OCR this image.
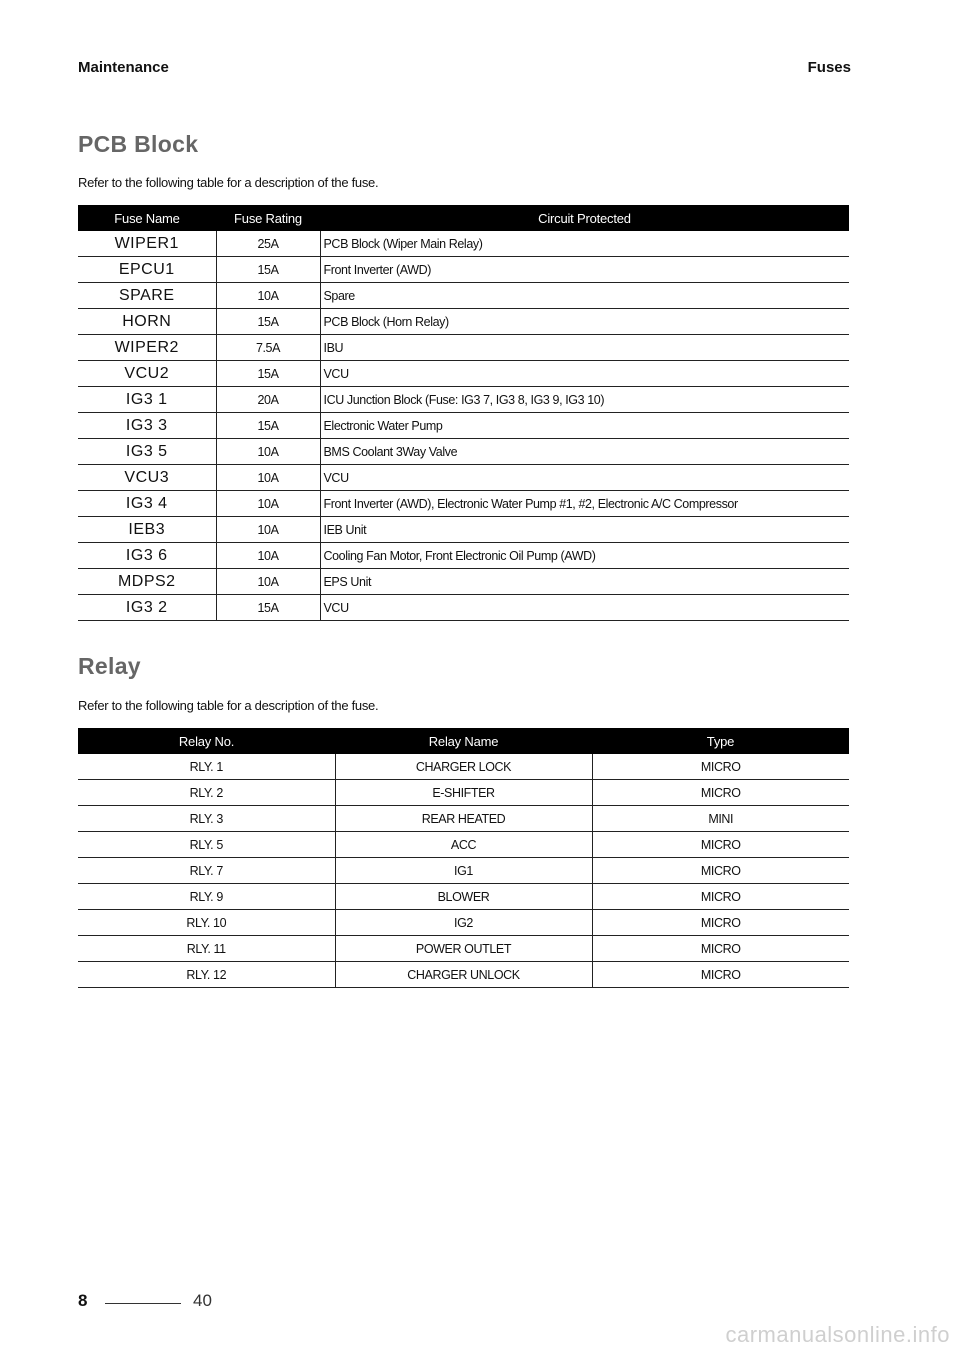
Maintenance	Fuses
PCB Block
Refer to the following table for a description of the fuse.
Fuse Name	Fuse Rating	Circuit Protected
WIPER1	25A	PCB Block (Wiper Main Relay)
EPCU1	15A	Front Inverter (AWD)
SPARE	10A	Spare
HORN	15A	PCB Block (Horn Relay)
WIPER2	7.5A	IBU
VCU2	15A	VCU
IG3 1	20A	ICU Junction Block (Fuse: IG3 7, IG3 8, IG3 9, IG3 10)
IG3 3	15A	Electronic Water Pump
IG3 5	10A	BMS Coolant 3Way Valve
VCU3	10A	VCU
IG3 4	10A	Front Inverter (AWD), Electronic Water Pump #1, #2, Electronic A/C Compressor
IEB3	10A	IEB Unit
IG3 6	10A	Cooling Fan Motor, Front Electronic Oil Pump (AWD)
MDPS2	10A	EPS Unit
IG3 2	15A	VCU
Relay
Refer to the following table for a description of the fuse.
Relay No.	Relay Name	Type
RLY. 1	CHARGER LOCK	MICRO
RLY. 2	E-SHIFTER	MICRO
RLY. 3	REAR HEATED	MINI
RLY. 5	ACC	MICRO
RLY. 7	IG1	MICRO
RLY. 9	BLOWER	MICRO
RLY. 10	IG2	MICRO
RLY. 11	POWER OUTLET	MICRO
RLY. 12	CHARGER UNLOCK	MICRO
8	40
carmanualsonline.info
